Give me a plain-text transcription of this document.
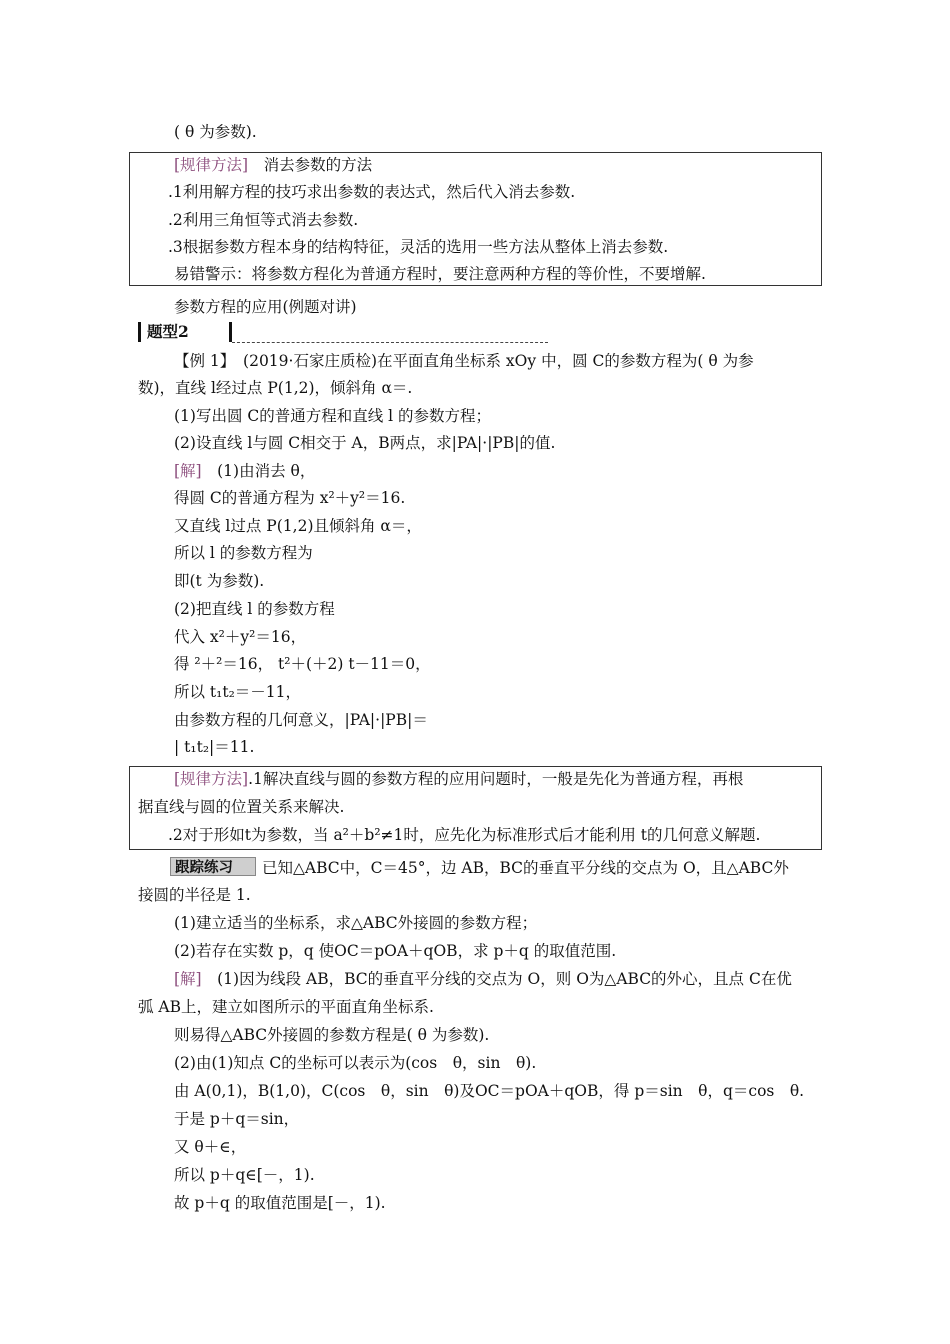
( θ 为参数).
[规律方法]　 消去参数的方法
.1利用解方程的技巧求出参数的表达式，然后代入消去参数.
.2利用三角恒等式消去参数.
.3根据参数方程本身的结构特征，灵活的选用一些方法从整体上消去参数.
易错警示：将参数方程化为普通方程时，要注意两种方程的等价性，不要增解.
参数方程的应用(例题对讲)
题型2
【例 1】　(2019·石家庄质检)在平面直角坐标系 xOy 中，圆 C的参数方程为( θ 为参
数)，直线 l经过点 P(1,2)，倾斜角 α＝.
(1)写出圆 C的普通方程和直线 l 的参数方程；
(2)设直线 l与圆 C相交于 A，B两点，求|PA|·|PB|的值.
[解]　 (1)由消去 θ，
得圆 C的普通方程为 x²＋y²＝16.
又直线 l过点 P(1,2)且倾斜角 α＝，
所以 l 的参数方程为
即(t 为参数).
(2)把直线 l 的参数方程
代入 x²＋y²＝16，
得 ²＋²＝16， t²＋(＋2) t－11＝0，
所以 t₁t₂＝－11，
由参数方程的几何意义，|PA|·|PB|＝
| t₁t₂|＝11.
[规律方法].1解决直线与圆的参数方程的应用问题时，一般是先化为普通方程，再根
据直线与圆的位置关系来解决.
.2对于形如t为参数，当 a²＋b²≠1时，应先化为标准形式后才能利用 t的几何意义解题.
跟踪练习 已知△ABC中，C＝45°，边 AB，BC的垂直平分线的交点为 O，且△ABC外
接圆的半径是 1.
(1)建立适当的坐标系，求△ABC外接圆的参数方程；
(2)若存在实数 p，q 使OC＝pOA＋qOB，求 p＋q 的取值范围.
[解]　 (1)因为线段 AB，BC的垂直平分线的交点为 O，则 O为△ABC的外心，且点 C在优
弧 AB上，建立如图所示的平面直角坐标系.
则易得△ABC外接圆的参数方程是( θ 为参数).
(2)由(1)知点 C的坐标可以表示为(cos　θ，sin　θ).
由 A(0,1)，B(1,0)，C(cos　θ，sin　θ)及OC＝pOA＋qOB，得 p＝sin　θ，q＝cos　θ.
于是 p＋q＝sin，
又 θ＋∈，
所以 p＋q∈[－，1).
故 p＋q 的取值范围是[－，1).
